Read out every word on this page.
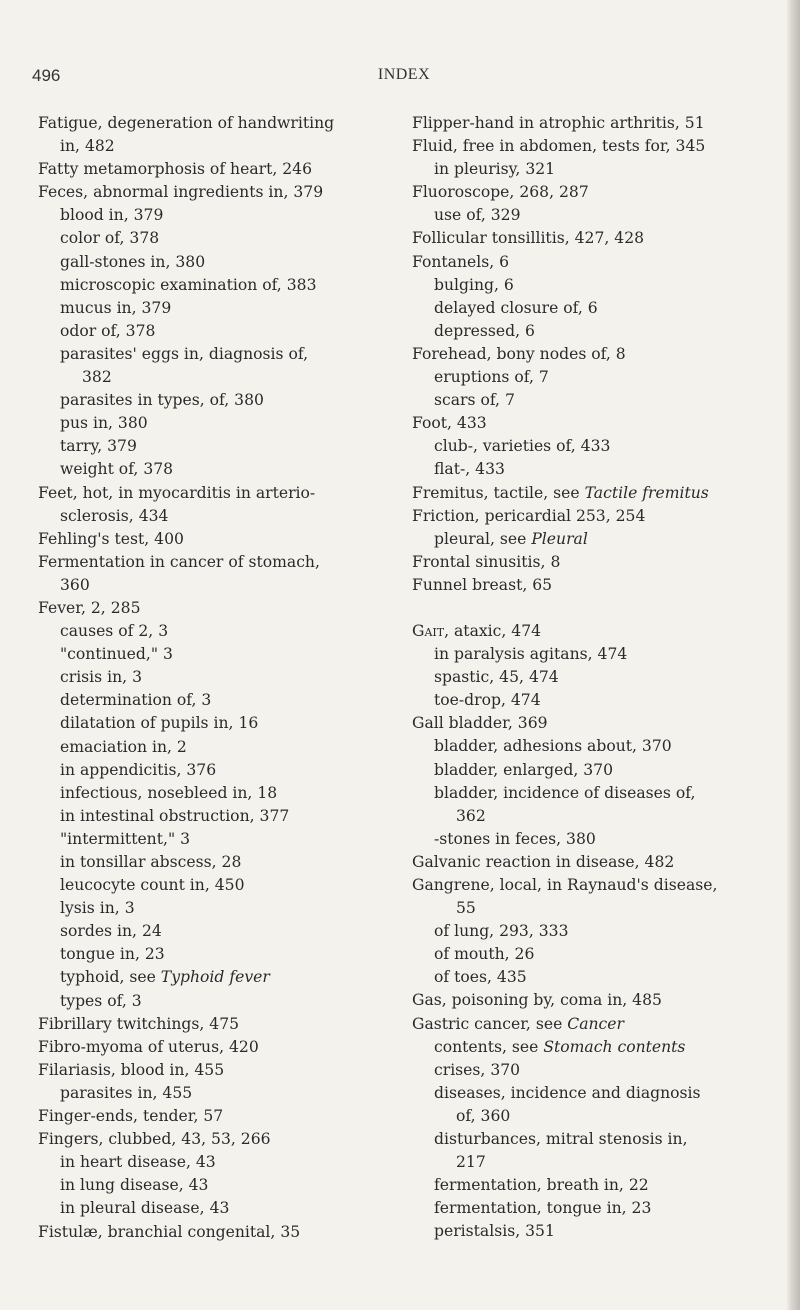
496	INDEX
Fatigue, degeneration of handwriting
in, 482
Fatty metamorphosis of heart, 246
Feces, abnormal ingredients in, 379
blood in, 379
color of, 378
gall-stones in, 380
microscopic examination of, 383
mucus in, 379
odor of, 378
parasites' eggs in, diagnosis of,
382
parasites in types, of, 380
pus in, 380
tarry, 379
weight of, 378
Feet, hot, in myocarditis in arterio-
sclerosis, 434
Fehling's test, 400
Fermentation in cancer of stomach,
360
Fever, 2, 285
causes of 2, 3
"continued," 3
crisis in, 3
determination of, 3
dilatation of pupils in, 16
emaciation in, 2
in appendicitis, 376
infectious, nosebleed in, 18
in intestinal obstruction, 377
"intermittent," 3
in tonsillar abscess, 28
leucocyte count in, 450
lysis in, 3
sordes in, 24
tongue in, 23
typhoid, see Typhoid fever
types of, 3
Fibrillary twitchings, 475
Fibro-myoma of uterus, 420
Filariasis, blood in, 455
parasites in, 455
Finger-ends, tender, 57
Fingers, clubbed, 43, 53, 266
in heart disease, 43
in lung disease, 43
in pleural disease, 43
Fistulæ, branchial congenital, 35
Flipper-hand in atrophic arthritis, 51
Fluid, free in abdomen, tests for, 345
in pleurisy, 321
Fluoroscope, 268, 287
use of, 329
Follicular tonsillitis, 427, 428
Fontanels, 6
bulging, 6
delayed closure of, 6
depressed, 6
Forehead, bony nodes of, 8
eruptions of, 7
scars of, 7
Foot, 433
club-, varieties of, 433
flat-, 433
Fremitus, tactile, see Tactile fremitus
Friction, pericardial 253, 254
pleural, see Pleural
Frontal sinusitis, 8
Funnel breast, 65
Gait, ataxic, 474
in paralysis agitans, 474
spastic, 45, 474
toe-drop, 474
Gall bladder, 369
bladder, adhesions about, 370
bladder, enlarged, 370
bladder, incidence of diseases of,
362
-stones in feces, 380
Galvanic reaction in disease, 482
Gangrene, local, in Raynaud's disease,
55
of lung, 293, 333
of mouth, 26
of toes, 435
Gas, poisoning by, coma in, 485
Gastric cancer, see Cancer
contents, see Stomach contents
crises, 370
diseases, incidence and diagnosis
of, 360
disturbances, mitral stenosis in,
217
fermentation, breath in, 22
fermentation, tongue in, 23
peristalsis, 351
